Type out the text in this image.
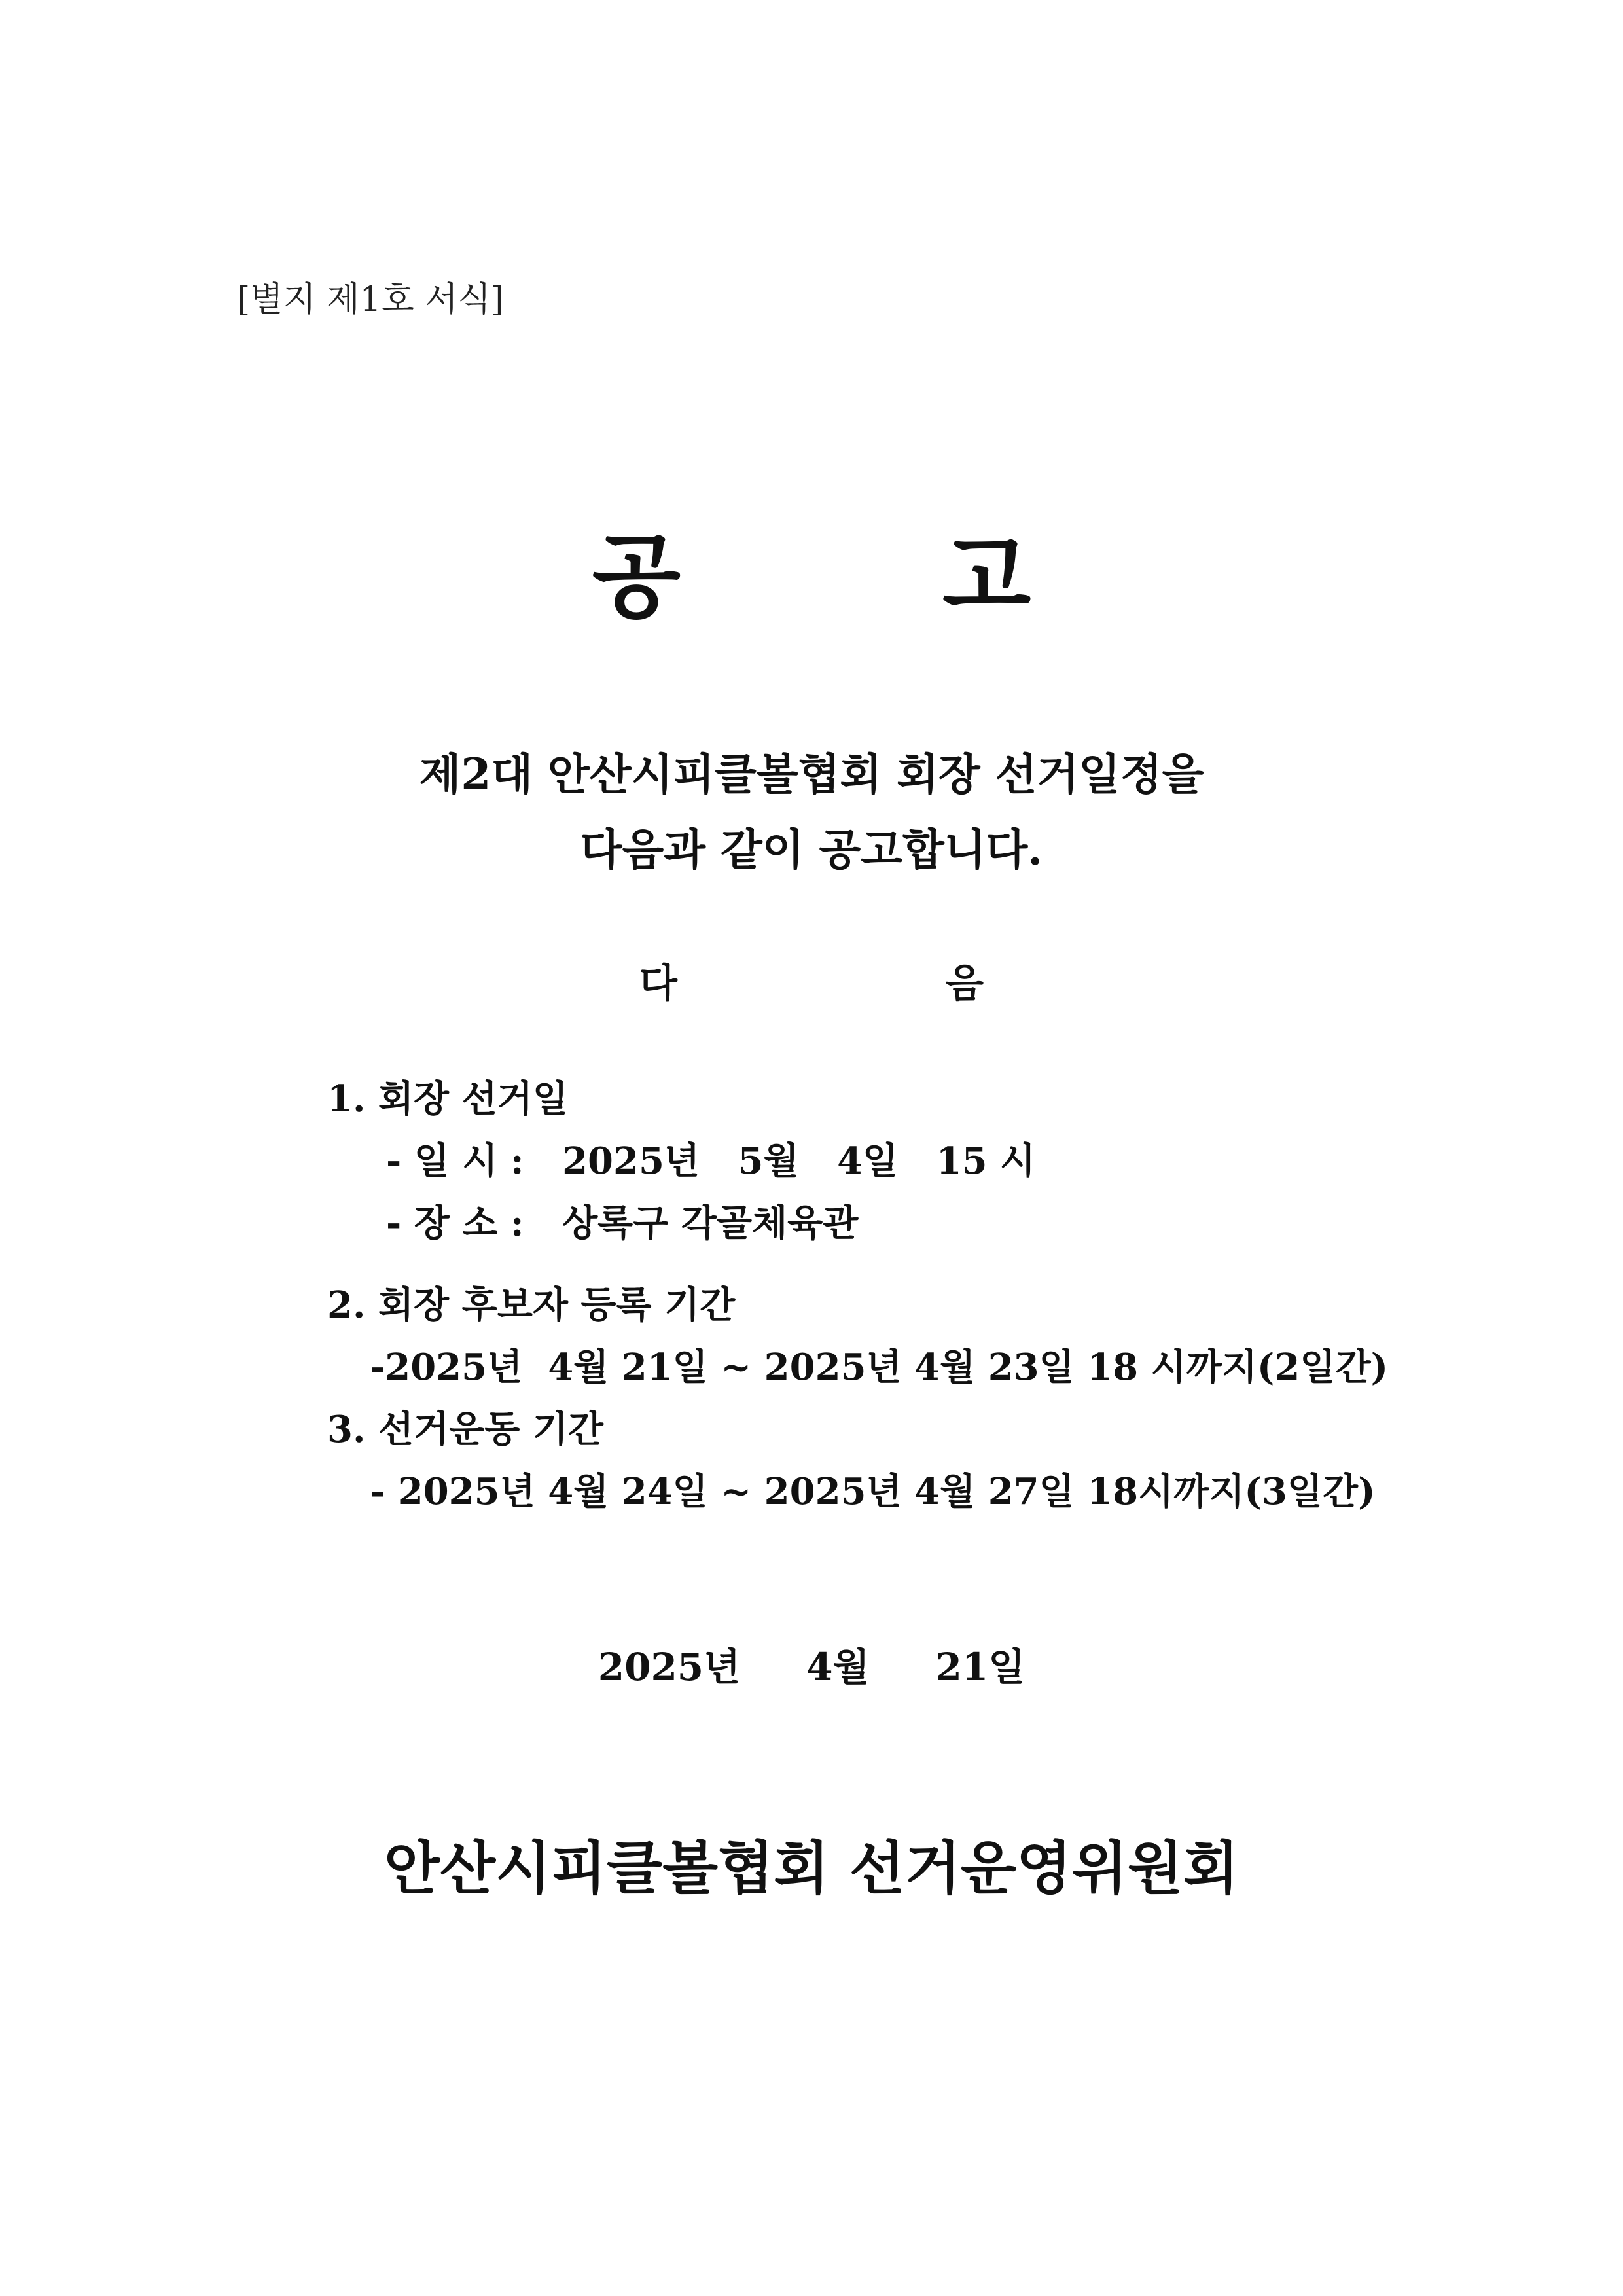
[별지 제1호 서식]
공	고
제2대 안산시피클볼협회 회장 선거일정을
다음과 같이 공고합니다.
다	음
1. 회장 선거일
- 일 시 :   2025년   5월   4일   15 시
- 장 소 :   상록구 각골체육관
2. 회장 후보자 등록 기간
-2025년  4월 21일 ~ 2025년 4월 23일 18 시까지(2일간)
3. 선거운동 기간
- 2025년 4월 24일 ~ 2025년 4월 27일 18시까지(3일간)
2025년     4월     21일
안산시피클볼협회 선거운영위원회
